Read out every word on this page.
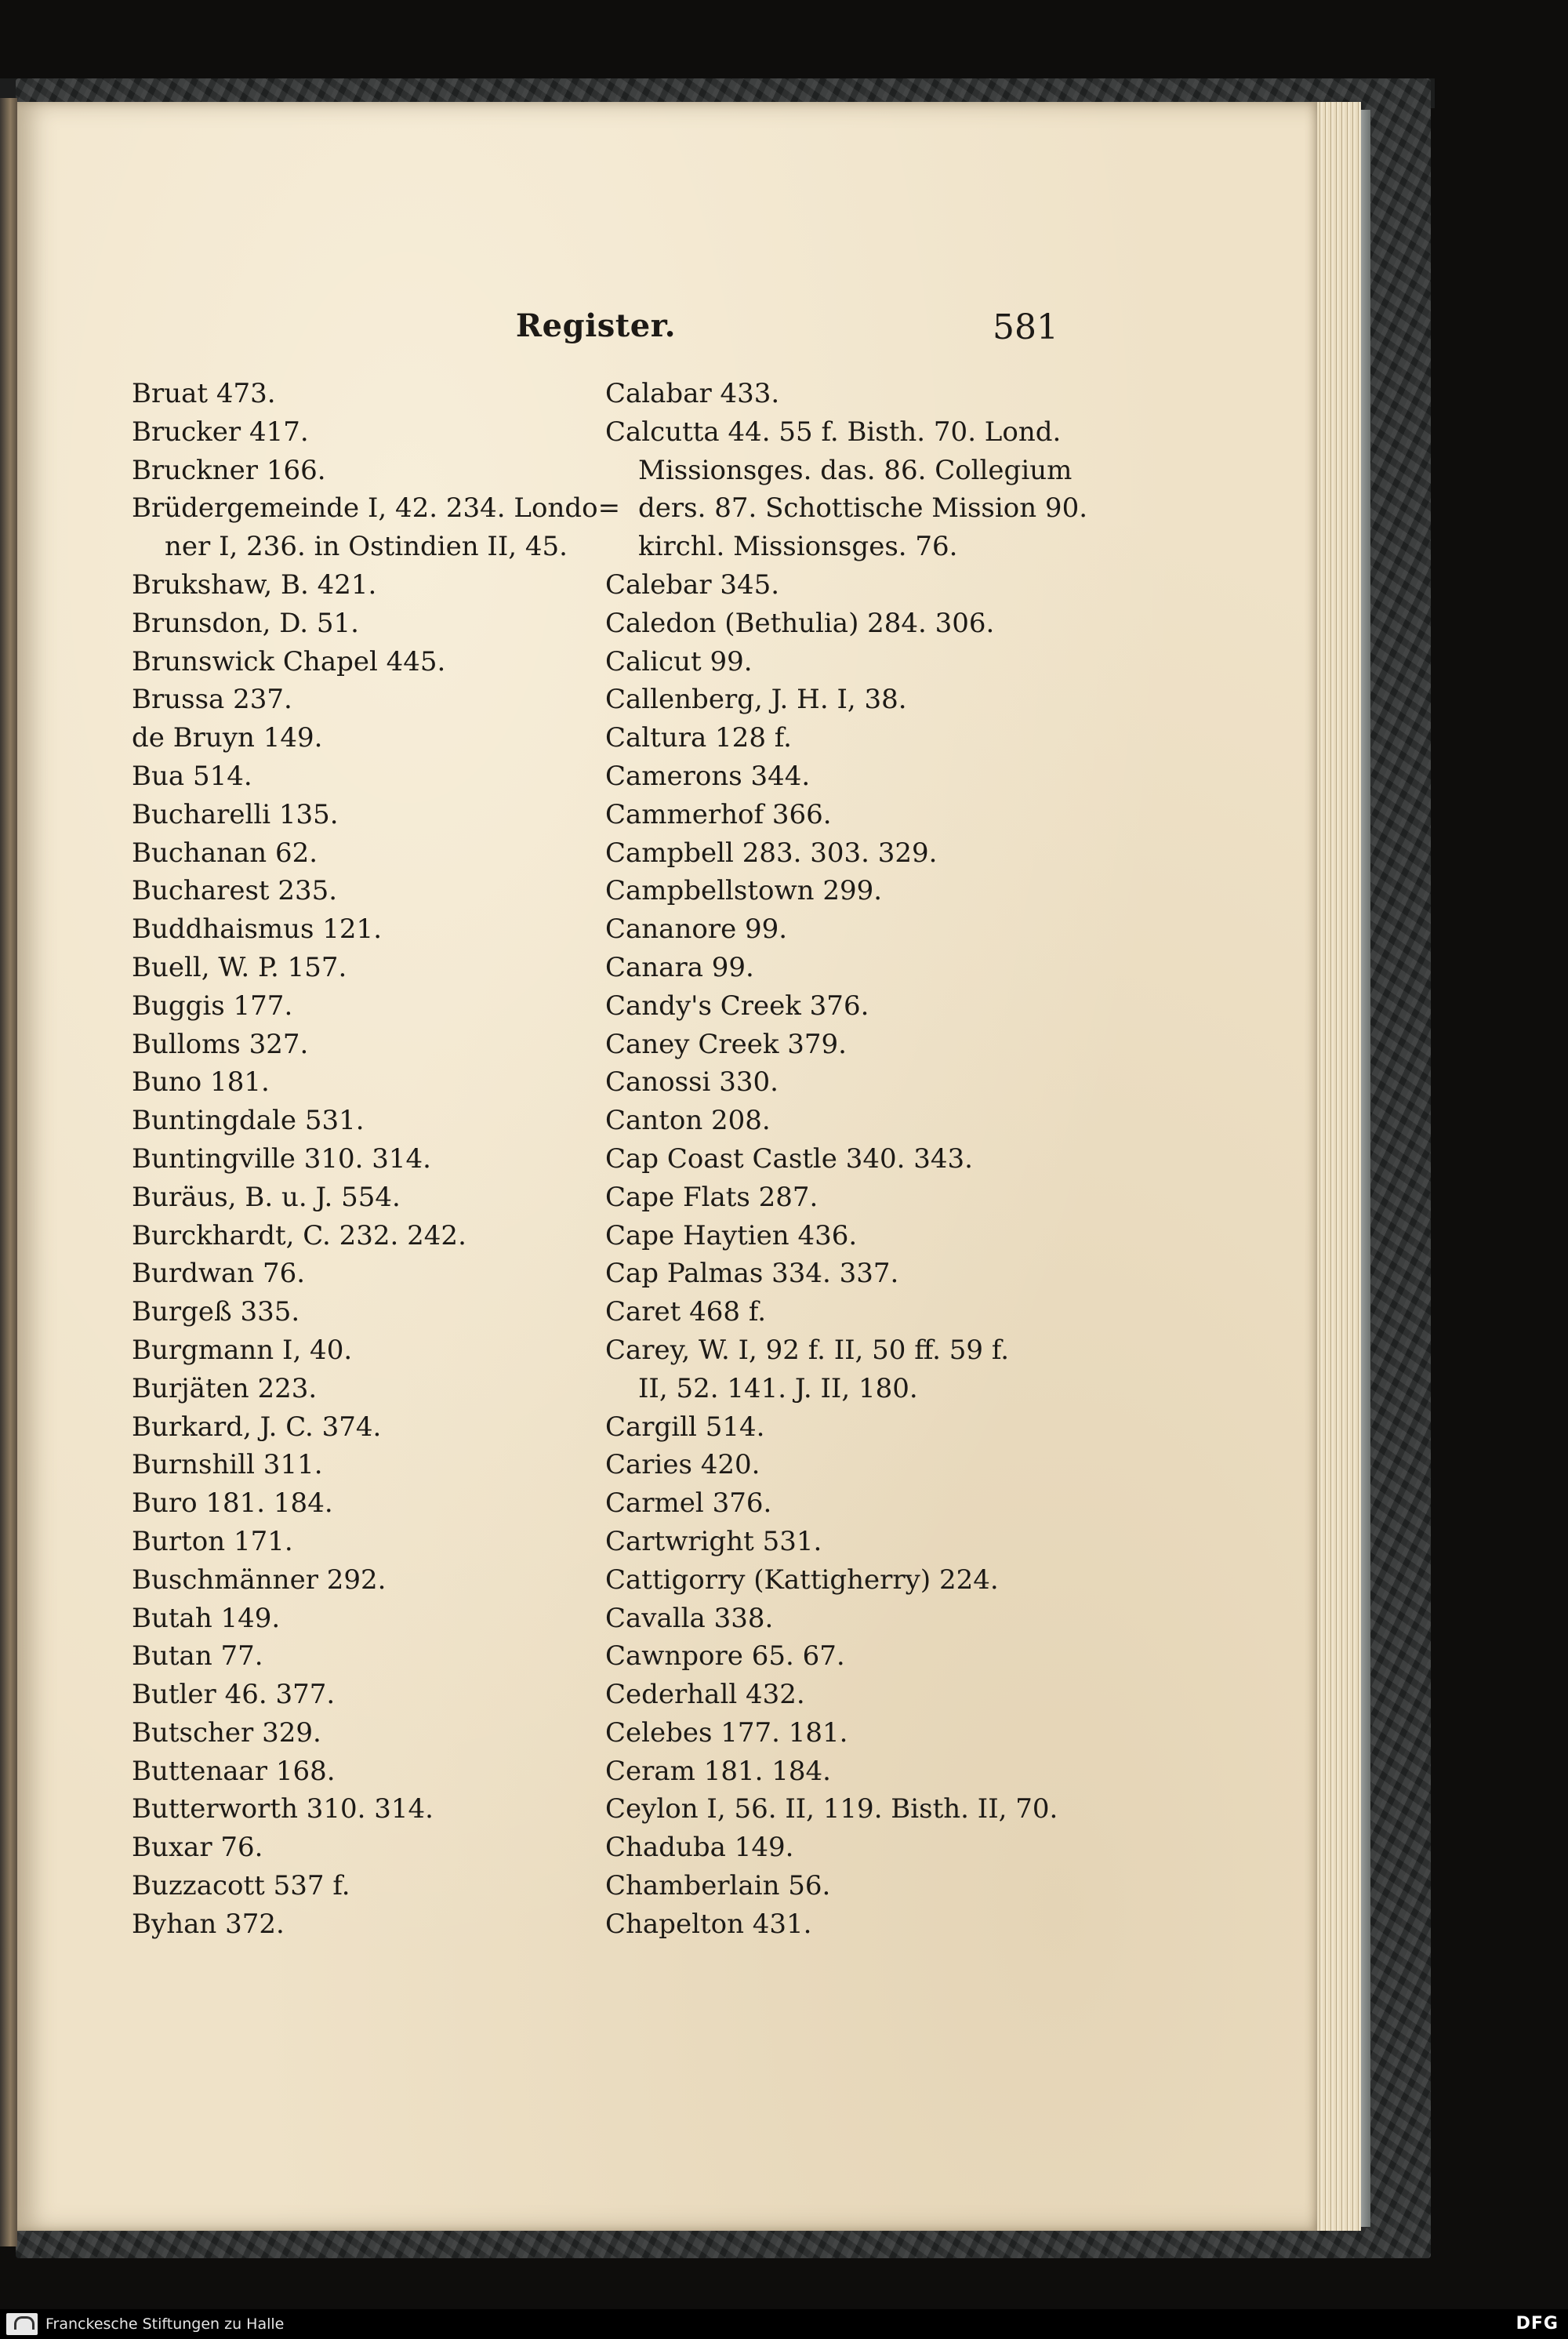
Register.	581
Bruat 473.
Brucker 417.
Bruckner 166.
Brüdergemeinde I, 42. 234. Londo=
ner I, 236. in Ostindien II, 45.
Brukshaw, B. 421.
Brunsdon, D. 51.
Brunswick Chapel 445.
Brussa 237.
de Bruyn 149.
Bua 514.
Bucharelli 135.
Buchanan 62.
Bucharest 235.
Buddhaismus 121.
Buell, W. P. 157.
Buggis 177.
Bulloms 327.
Buno 181.
Buntingdale 531.
Buntingville 310. 314.
Buräus, B. u. J. 554.
Burckhardt, C. 232. 242.
Burdwan 76.
Burgeß 335.
Burgmann I, 40.
Burjäten 223.
Burkard, J. C. 374.
Burnshill 311.
Buro 181. 184.
Burton 171.
Buschmänner 292.
Butah 149.
Butan 77.
Butler 46. 377.
Butscher 329.
Buttenaar 168.
Butterworth 310. 314.
Buxar 76.
Buzzacott 537 f.
Byhan 372.
Calabar 433.
Calcutta 44. 55 f. Bisth. 70. Lond.
Missionsges. das. 86. Collegium
ders. 87. Schottische Mission 90.
kirchl. Missionsges. 76.
Calebar 345.
Caledon (Bethulia) 284. 306.
Calicut 99.
Callenberg, J. H. I, 38.
Caltura 128 f.
Camerons 344.
Cammerhof 366.
Campbell 283. 303. 329.
Campbellstown 299.
Cananore 99.
Canara 99.
Candy's Creek 376.
Caney Creek 379.
Canossi 330.
Canton 208.
Cap Coast Castle 340. 343.
Cape Flats 287.
Cape Haytien 436.
Cap Palmas 334. 337.
Caret 468 f.
Carey, W. I, 92 f. II, 50 ff. 59 f.
II, 52. 141. J. II, 180.
Cargill 514.
Caries 420.
Carmel 376.
Cartwright 531.
Cattigorry (Kattigherry) 224.
Cavalla 338.
Cawnpore 65. 67.
Cederhall 432.
Celebes 177. 181.
Ceram 181. 184.
Ceylon I, 56. II, 119. Bisth. II, 70.
Chaduba 149.
Chamberlain 56.
Chapelton 431.
Franckesche Stiftungen zu Halle	DFG
